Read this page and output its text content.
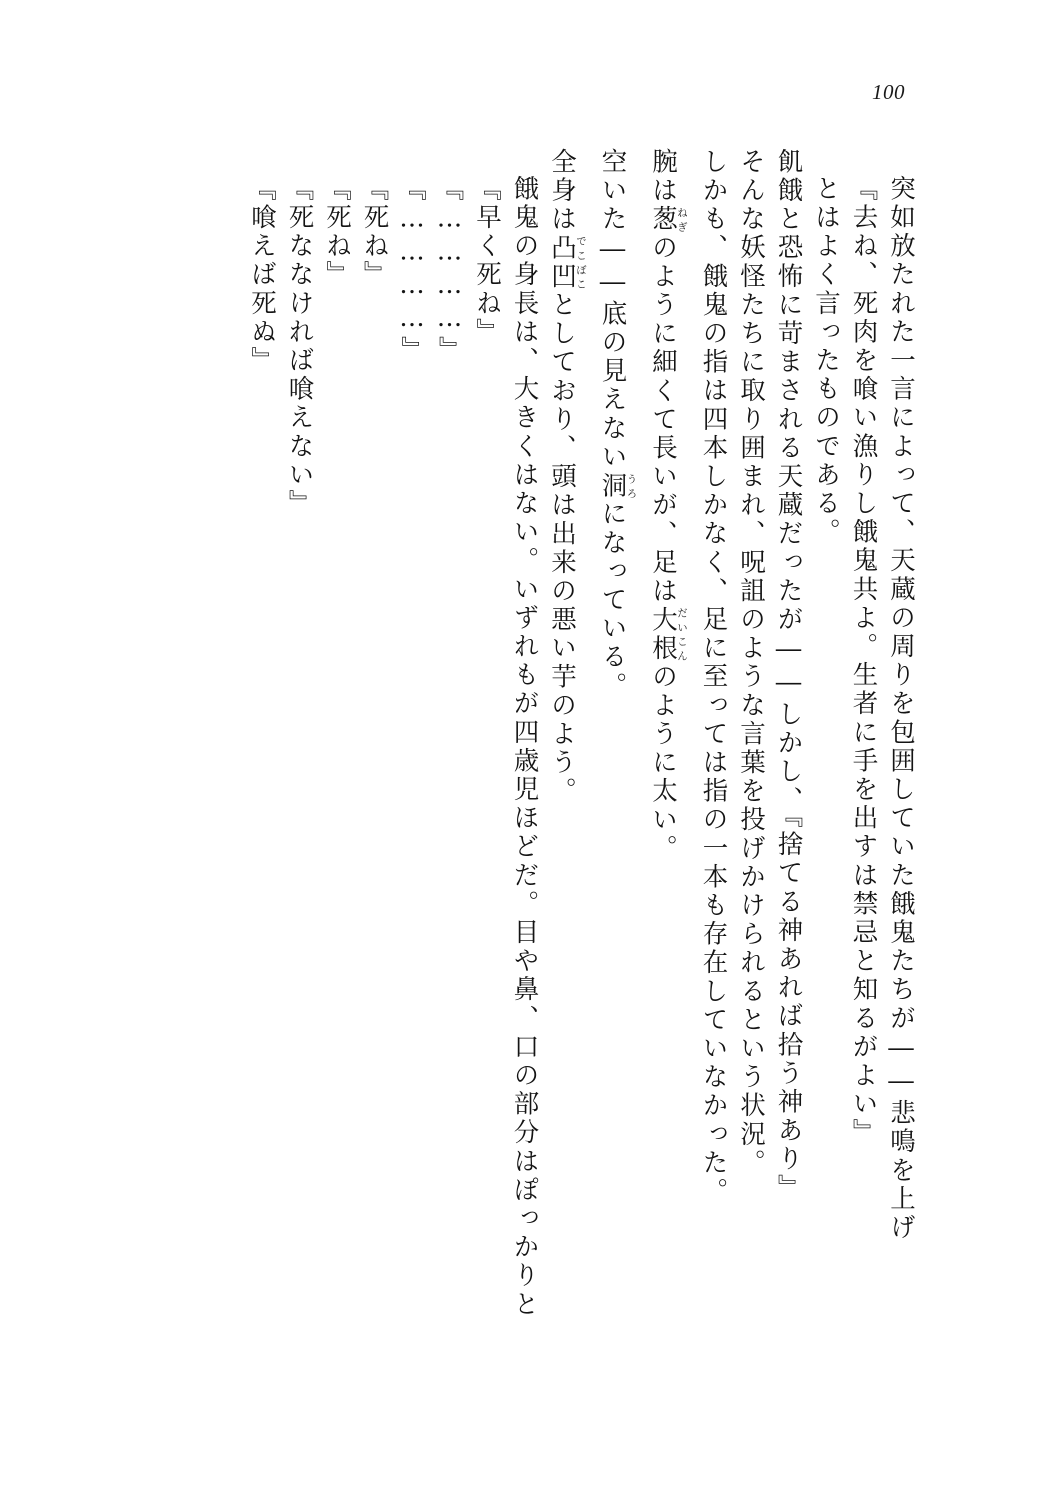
100
『喰えば死ぬ』 『死ななければ喰えない』 『死ね』 『死ね』 『…………』 『…………』 『早く死ね』 餓鬼の身長は、大きくはない。いずれもが四歳児ほどだ。目や鼻、口の部分はぽっかりと 全身は凸凹でこぼことしており、頭は出来の悪い芋のよう。 空いた――底の見えない洞うろになっている。
腕は葱ねぎのように細くて長いが、足は大根だいこんのように太い。 しかも、餓鬼の指は四本しかなく、足に至っては指の一本も存在していなかった。 そんな妖怪たちに取り囲まれ、呪詛のような言葉を投げかけられるという状況。 飢餓と恐怖に苛まされる天蔵だったが――しかし、『捨てる神あれば拾う神あり』 とはよく言ったものである。 『去ね、死肉を喰い漁りし餓鬼共よ。生者に手を出すは禁忌と知るがよい』 突如放たれた一言によって、天蔵の周りを包囲していた餓鬼たちが――悲鳴を上げ
